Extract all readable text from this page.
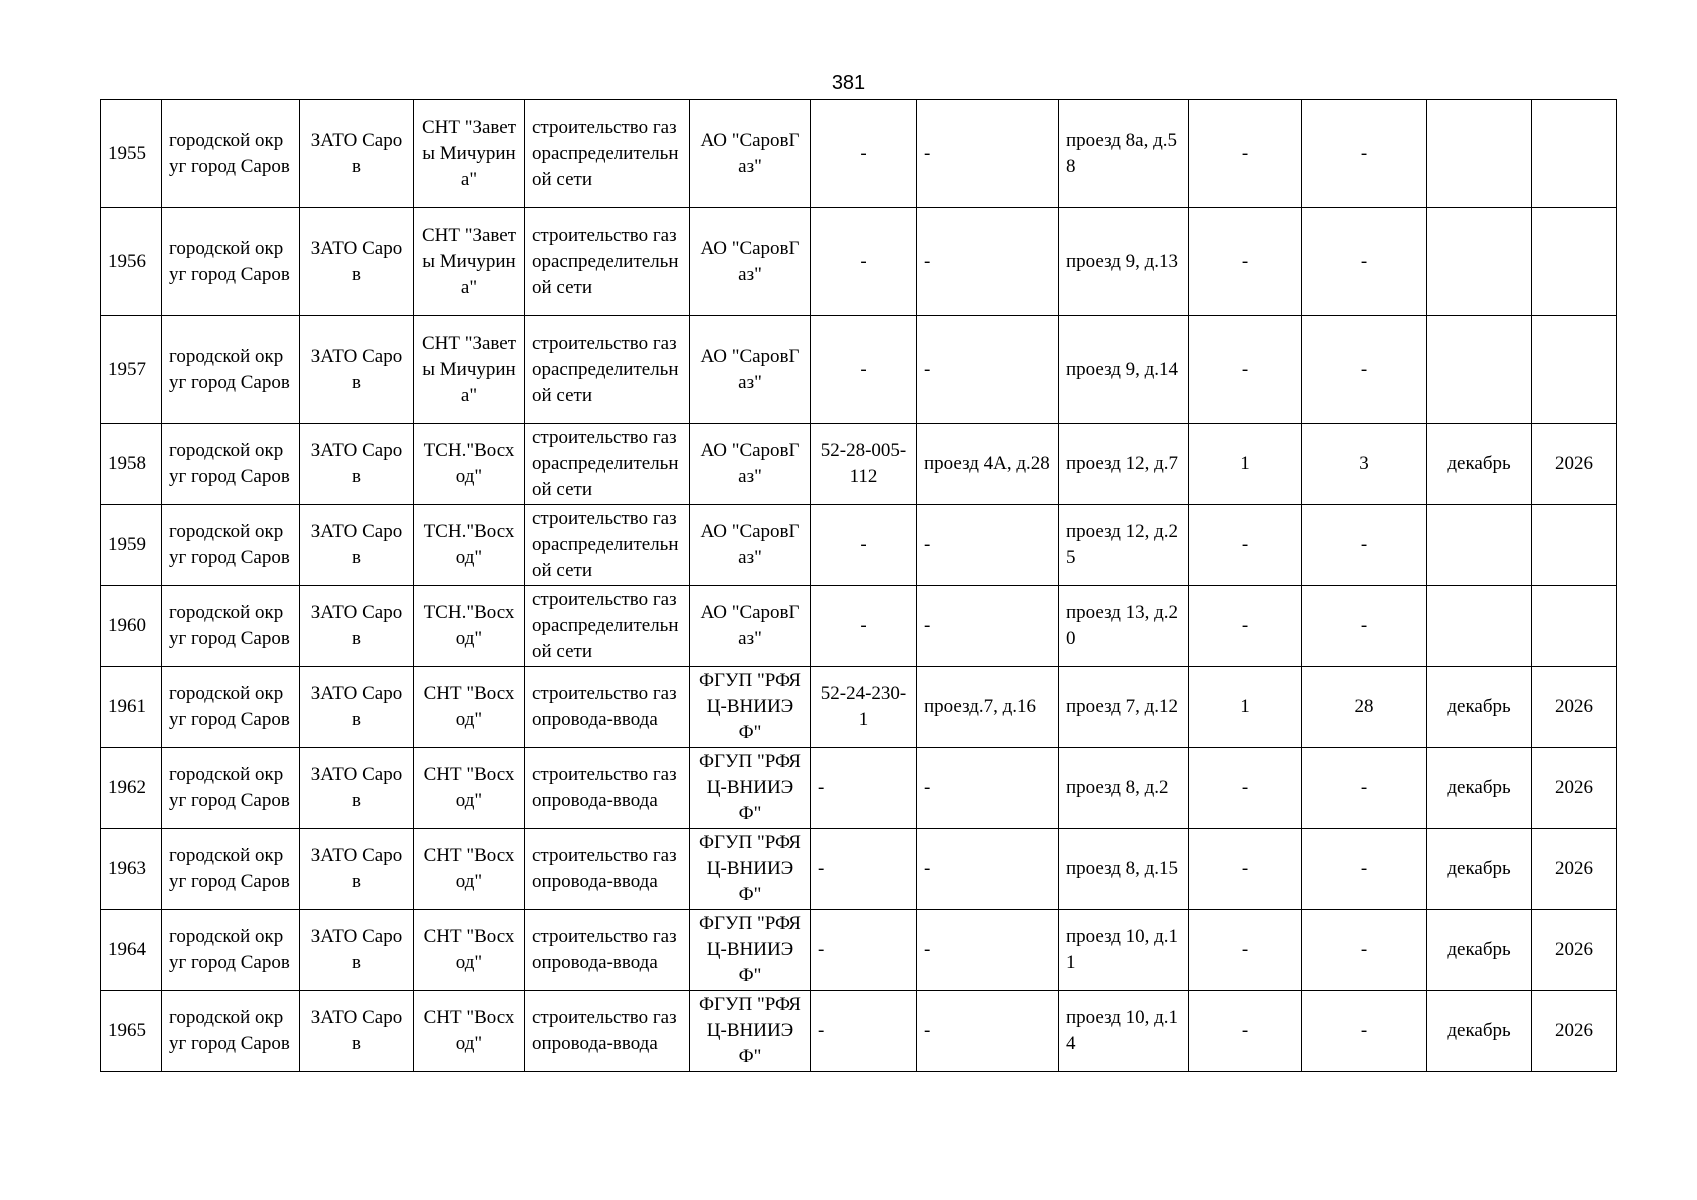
381
1955	городской округ город Саров	ЗАТО Саров	СНТ "Заветы Мичурина"	строительство газораспределительной сети	АО "СаровГаз"	-	-	проезд 8а, д.58	-	-		
1956	городской округ город Саров	ЗАТО Саров	СНТ "Заветы Мичурина"	строительство газораспределительной сети	АО "СаровГаз"	-	-	проезд 9, д.13	-	-		
1957	городской округ город Саров	ЗАТО Саров	СНТ "Заветы Мичурина"	строительство газораспределительной сети	АО "СаровГаз"	-	-	проезд 9, д.14	-	-		
1958	городской округ город Саров	ЗАТО Саров	ТСН."Восход"	строительство газораспределительной сети	АО "СаровГаз"	52-28-005-112	проезд 4А, д.28	проезд 12, д.7	1	3	декабрь	2026
1959	городской округ город Саров	ЗАТО Саров	ТСН."Восход"	строительство газораспределительной сети	АО "СаровГаз"	-	-	проезд 12, д.25	-	-		
1960	городской округ город Саров	ЗАТО Саров	ТСН."Восход"	строительство газораспределительной сети	АО "СаровГаз"	-	-	проезд 13, д.20	-	-		
1961	городской округ город Саров	ЗАТО Саров	СНТ "Восход"	строительство газопровода-ввода	ФГУП "РФЯЦ-ВНИИЭФ"	52-24-230-1	проезд.7, д.16	проезд 7, д.12	1	28	декабрь	2026
1962	городской округ город Саров	ЗАТО Саров	СНТ "Восход"	строительство газопровода-ввода	ФГУП "РФЯЦ-ВНИИЭФ"	-	-	проезд 8, д.2	-	-	декабрь	2026
1963	городской округ город Саров	ЗАТО Саров	СНТ "Восход"	строительство газопровода-ввода	ФГУП "РФЯЦ-ВНИИЭФ"	-	-	проезд 8, д.15	-	-	декабрь	2026
1964	городской округ город Саров	ЗАТО Саров	СНТ "Восход"	строительство газопровода-ввода	ФГУП "РФЯЦ-ВНИИЭФ"	-	-	проезд 10, д.11	-	-	декабрь	2026
1965	городской округ город Саров	ЗАТО Саров	СНТ "Восход"	строительство газопровода-ввода	ФГУП "РФЯЦ-ВНИИЭФ"	-	-	проезд 10, д.14	-	-	декабрь	2026
